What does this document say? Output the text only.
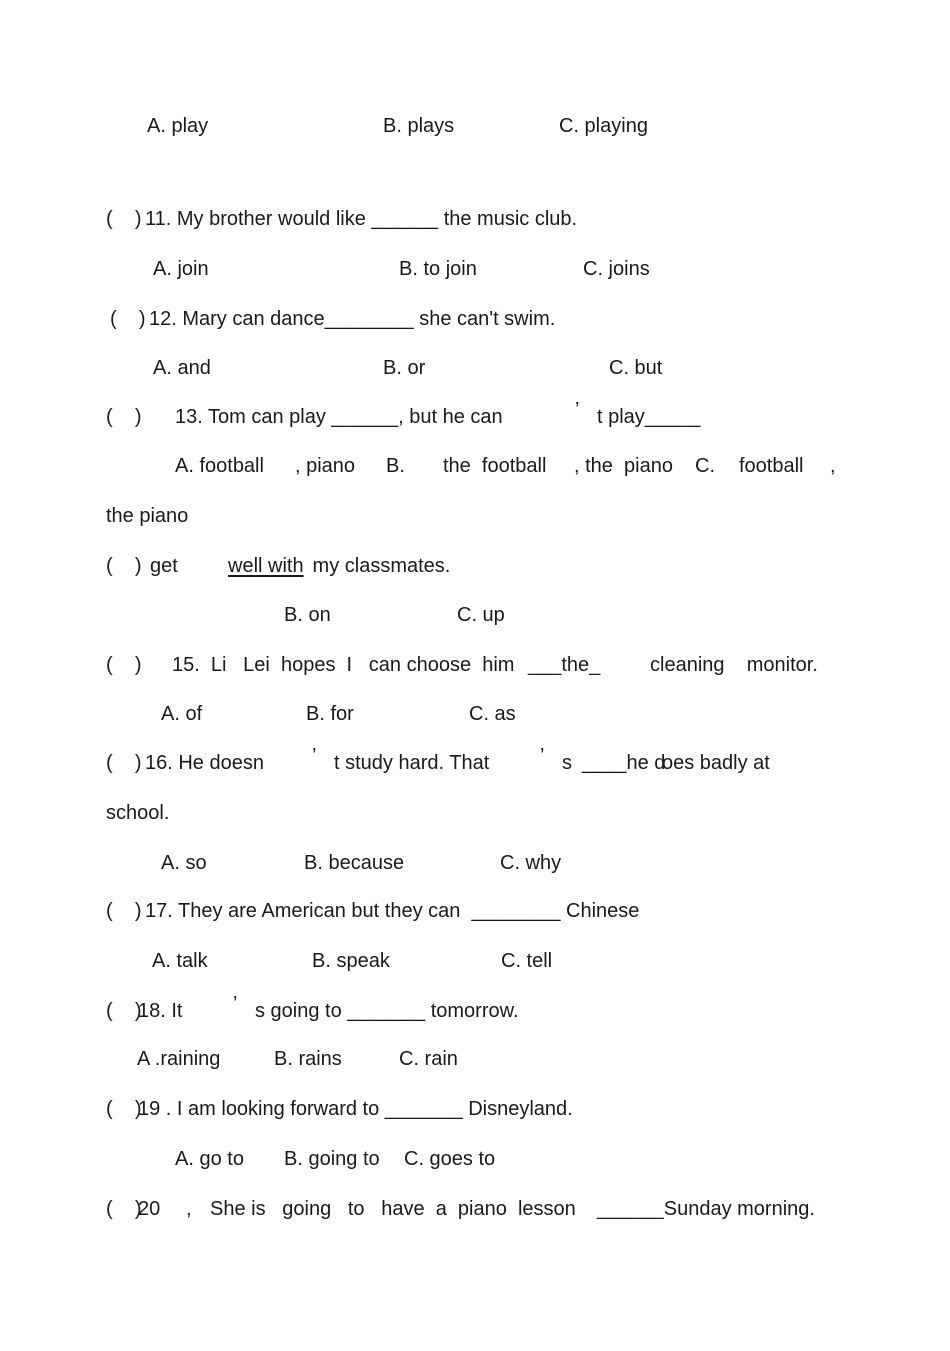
A. play	B. plays	C. playing
(    ) 11. My brother would like ______ the music club.
A. join	B. to join	C. joins
(    ) 12. Mary can dance________ she can't swim.
A. and	B. or	C. but
(    ) 13. Tom can play ______, but he can	’ t play_____
A. football , piano B. the  football , the  piano C. football ,
the piano
(    ) get	well with my classmates.
B. on	C. up
(    ) 15.  Li   Lei  hopes  I   can choose  him ___the_ cleaning    monitor.
A. of	B. for	C. as
(    ) 16. He doesn ’ t study hard. That	’ s ____he d
oes badly at
school.
A. so	B. because	C. why
(    ) 17. They are American but they can  ________ Chinese
A. talk	B. speak	C. tell
(    )
18. It	’ s going to _______ tomorrow.
A .raining	B. rains	C. rain
(    )
19 . I am looking forward to _______ Disneyland.
A. go to B. going to C. goes to
(    )
20 , She is   going   to   have  a  piano  lesson ______Sunday morning.
